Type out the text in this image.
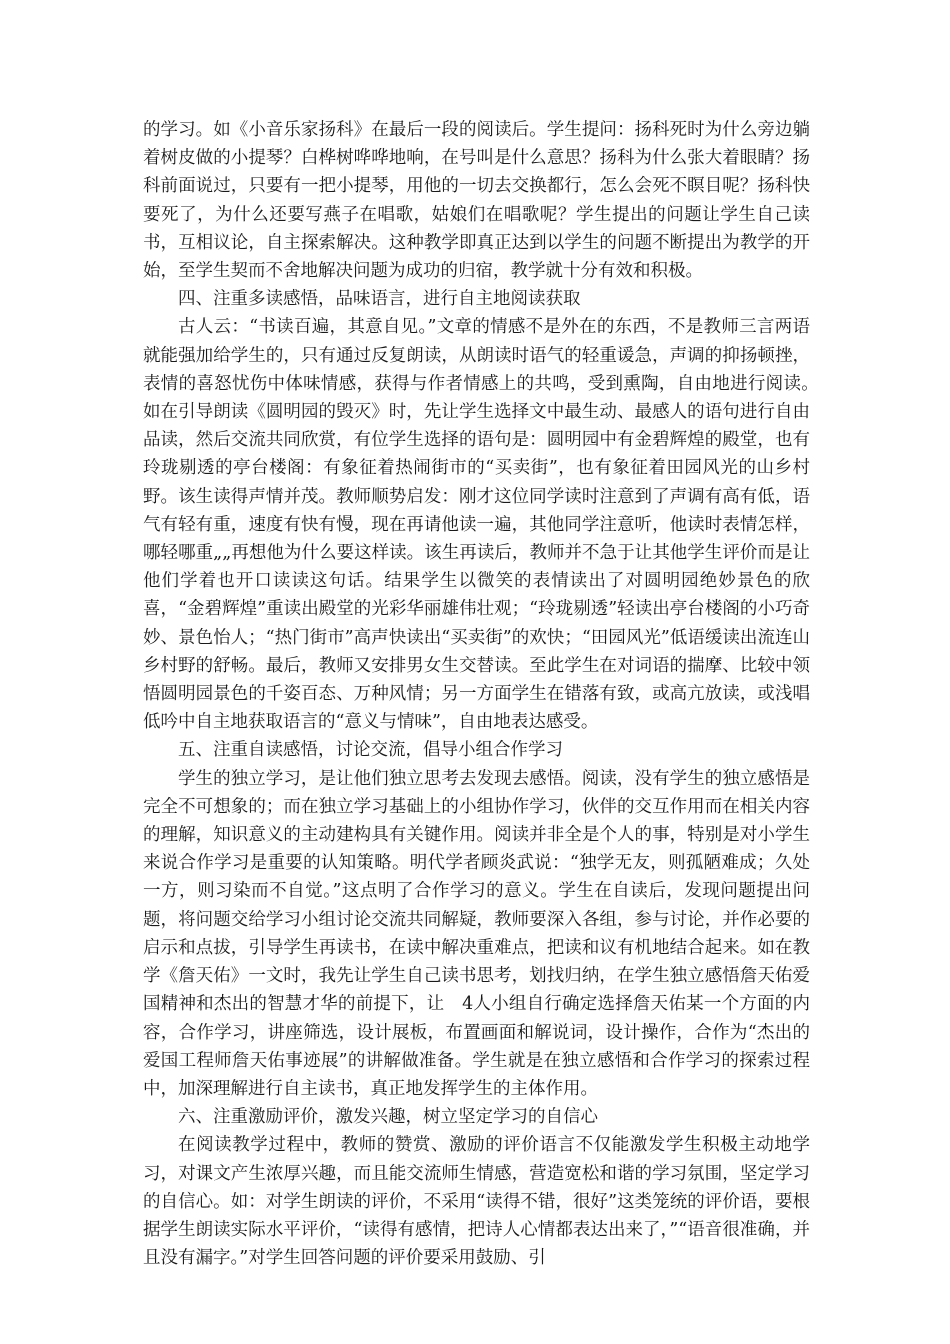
的学习。如《小音乐家扬科》在最后一段的阅读后。学生提问：扬科死时为什么旁边躺着树皮做的小提琴？白桦树哗哗地响，在号叫是什么意思？扬科为什么张大着眼睛？扬科前面说过，只要有一把小提琴，用他的一切去交换都行，怎么会死不瞑目呢？扬科快要死了，为什么还要写燕子在唱歌，姑娘们在唱歌呢？学生提出的问题让学生自己读书，互相议论，自主探索解决。这种教学即真正达到以学生的问题不断提出为教学的开始，至学生契而不舍地解决问题为成功的归宿，教学就十分有效和积极。

四、注重多读感悟，品味语言，进行自主地阅读获取

古人云：“书读百遍，其意自见。”文章的情感不是外在的东西，不是教师三言两语就能强加给学生的，只有通过反复朗读，从朗读时语气的轻重谖急，声调的抑扬顿挫，表情的喜怒忧伤中体味情感，获得与作者情感上的共鸣，受到熏陶，自由地进行阅读。　　如在引导朗读《圆明园的毁灭》时，先让学生选择文中最生动、最感人的语句进行自由品读，然后交流共同欣赏，有位学生选择的语句是：圆明园中有金碧辉煌的殿堂，也有玲珑剔透的亭台楼阁：有象征着热闹街市的“买卖街”，也有象征着田园风光的山乡村野。该生读得声情并茂。教师顺势启发：刚才这位同学读时注意到了声调有高有低，语气有轻有重，速度有快有慢，现在再请他读一遍，其他同学注意听，他读时表情怎样，哪轻哪重„„再想他为什么要这样读。该生再读后，教师并不急于让其他学生评价而是让他们学着也开口读读这句话。结果学生以微笑的表情读出了对圆明园绝妙景色的欣喜，“金碧辉煌”重读出殿堂的光彩华丽雄伟壮观；“玲珑剔透”轻读出亭台楼阁的小巧奇妙、景色怡人；“热门街市”高声快读出“买卖街”的欢快；“田园风光”低语缓读出流连山乡村野的舒畅。最后，教师又安排男女生交替读。至此学生在对词语的揣摩、比较中领悟圆明园景色的千姿百态、万种风情；另一方面学生在错落有致，或高亢放读，或浅唱低吟中自主地获取语言的“意义与情味”，自由地表达感受。

五、注重自读感悟，讨论交流，倡导小组合作学习

学生的独立学习，是让他们独立思考去发现去感悟。阅读，没有学生的独立感悟是完全不可想象的；而在独立学习基础上的小组协作学习，伙伴的交互作用而在相关内容的理解，知识意义的主动建构具有关键作用。阅读并非全是个人的事，特别是对小学生来说合作学习是重要的认知策略。明代学者顾炎武说：“独学无友，则孤陋难成；久处一方，则习染而不自觉。”这点明了合作学习的意义。学生在自读后，发现问题提出问题，将问题交给学习小组讨论交流共同解疑，教师要深入各组，参与讨论，并作必要的启示和点拔，引导学生再读书，在读中解决重难点，把读和议有机地结合起来。如在教学《詹天佑》一文时，我先让学生自己读书思考，划找归纳，在学生独立感悟詹天佑爱国精神和杰出的智慧才华的前提下，让　4人小组自行确定选择詹天佑某一个方面的内容，合作学习，讲座筛选，设计展板，布置画面和解说词，设计操作，合作为“杰出的爱国工程师詹天佑事迹展”的讲解做准备。学生就是在独立感悟和合作学习的探索过程中，加深理解进行自主读书，真正地发挥学生的主体作用。

六、注重激励评价，激发兴趣，树立坚定学习的自信心

在阅读教学过程中，教师的赞赏、激励的评价语言不仅能激发学生积极主动地学习，对课文产生浓厚兴趣，而且能交流师生情感，营造宽松和谐的学习氛围，坚定学习的自信心。如：对学生朗读的评价，不采用“读得不错，很好”这类笼统的评价语，要根据学生朗读实际水平评价，“读得有感情，把诗人心情都表达出来了，”“语音很准确，并且没有漏字。”对学生回答问题的评价要采用鼓励、引
